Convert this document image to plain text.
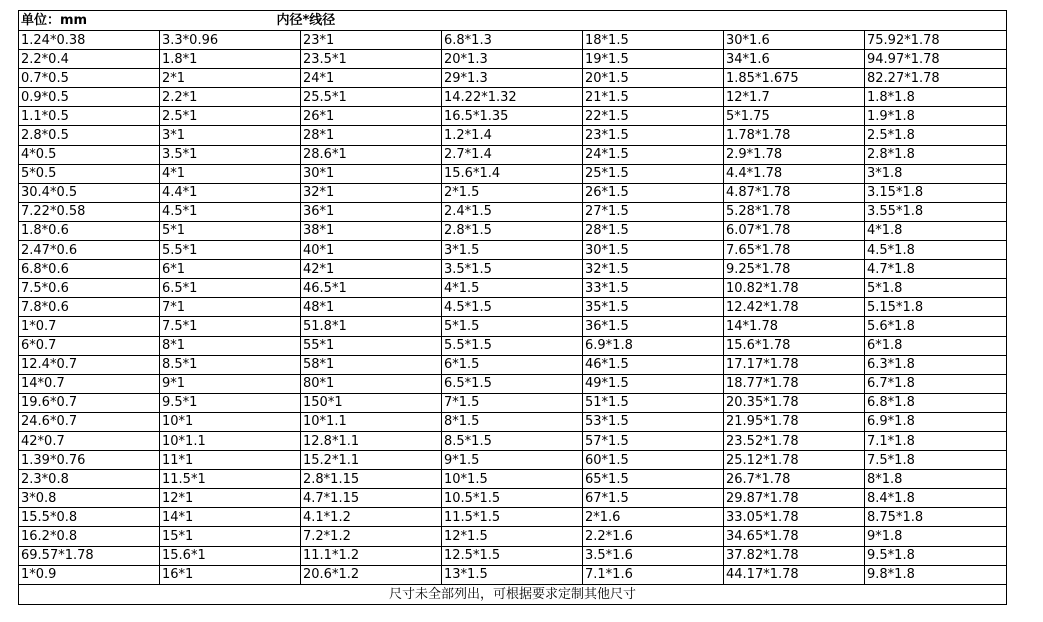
单位：mm	内径*线径					
1.24*0.38	3.3*0.96	23*1	6.8*1.3	18*1.5	30*1.6	75.92*1.78
2.2*0.4	1.8*1	23.5*1	20*1.3	19*1.5	34*1.6	94.97*1.78
0.7*0.5	2*1	24*1	29*1.3	20*1.5	1.85*1.675	82.27*1.78
0.9*0.5	2.2*1	25.5*1	14.22*1.32	21*1.5	12*1.7	1.8*1.8
1.1*0.5	2.5*1	26*1	16.5*1.35	22*1.5	5*1.75	1.9*1.8
2.8*0.5	3*1	28*1	1.2*1.4	23*1.5	1.78*1.78	2.5*1.8
4*0.5	3.5*1	28.6*1	2.7*1.4	24*1.5	2.9*1.78	2.8*1.8
5*0.5	4*1	30*1	15.6*1.4	25*1.5	4.4*1.78	3*1.8
30.4*0.5	4.4*1	32*1	2*1.5	26*1.5	4.87*1.78	3.15*1.8
7.22*0.58	4.5*1	36*1	2.4*1.5	27*1.5	5.28*1.78	3.55*1.8
1.8*0.6	5*1	38*1	2.8*1.5	28*1.5	6.07*1.78	4*1.8
2.47*0.6	5.5*1	40*1	3*1.5	30*1.5	7.65*1.78	4.5*1.8
6.8*0.6	6*1	42*1	3.5*1.5	32*1.5	9.25*1.78	4.7*1.8
7.5*0.6	6.5*1	46.5*1	4*1.5	33*1.5	10.82*1.78	5*1.8
7.8*0.6	7*1	48*1	4.5*1.5	35*1.5	12.42*1.78	5.15*1.8
1*0.7	7.5*1	51.8*1	5*1.5	36*1.5	14*1.78	5.6*1.8
6*0.7	8*1	55*1	5.5*1.5	6.9*1.8	15.6*1.78	6*1.8
12.4*0.7	8.5*1	58*1	6*1.5	46*1.5	17.17*1.78	6.3*1.8
14*0.7	9*1	80*1	6.5*1.5	49*1.5	18.77*1.78	6.7*1.8
19.6*0.7	9.5*1	150*1	7*1.5	51*1.5	20.35*1.78	6.8*1.8
24.6*0.7	10*1	10*1.1	8*1.5	53*1.5	21.95*1.78	6.9*1.8
42*0.7	10*1.1	12.8*1.1	8.5*1.5	57*1.5	23.52*1.78	7.1*1.8
1.39*0.76	11*1	15.2*1.1	9*1.5	60*1.5	25.12*1.78	7.5*1.8
2.3*0.8	11.5*1	2.8*1.15	10*1.5	65*1.5	26.7*1.78	8*1.8
3*0.8	12*1	4.7*1.15	10.5*1.5	67*1.5	29.87*1.78	8.4*1.8
15.5*0.8	14*1	4.1*1.2	11.5*1.5	2*1.6	33.05*1.78	8.75*1.8
16.2*0.8	15*1	7.2*1.2	12*1.5	2.2*1.6	34.65*1.78	9*1.8
69.57*1.78	15.6*1	11.1*1.2	12.5*1.5	3.5*1.6	37.82*1.78	9.5*1.8
1*0.9	16*1	20.6*1.2	13*1.5	7.1*1.6	44.17*1.78	9.8*1.8
尺寸未全部列出，可根据要求定制其他尺寸						
